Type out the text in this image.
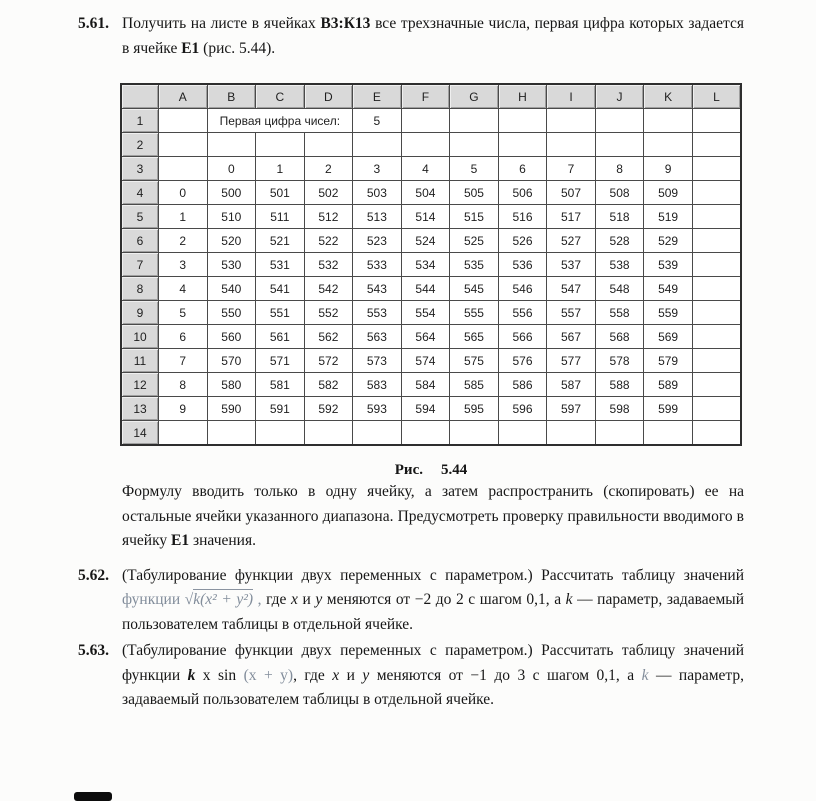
5.61. Получить на листе в ячейках В3:К13 все трехзначные числа, первая цифра которых задается в ячейке Е1 (рис. 5.44).
	A	B	C	D	E	F	G	H	I	J	K	L
1		Первая цифра чисел:			5							
2												
3		0	1	2	3	4	5	6	7	8	9	
4	0	500	501	502	503	504	505	506	507	508	509	
5	1	510	511	512	513	514	515	516	517	518	519	
6	2	520	521	522	523	524	525	526	527	528	529	
7	3	530	531	532	533	534	535	536	537	538	539	
8	4	540	541	542	543	544	545	546	547	548	549	
9	5	550	551	552	553	554	555	556	557	558	559	
10	6	560	561	562	563	564	565	566	567	568	569	
11	7	570	571	572	573	574	575	576	577	578	579	
12	8	580	581	582	583	584	585	586	587	588	589	
13	9	590	591	592	593	594	595	596	597	598	599	
14												
Рис. 5.44
Формулу вводить только в одну ячейку, а затем распространить (скопировать) ее на остальные ячейки указанного диапазона. Предусмотреть проверку правильности вводимого в ячейку Е1 значения.
5.62. (Табулирование функции двух переменных с параметром.) Рассчитать таблицу значений функции √k(x² + y²) , где x и y меняются от −2 до 2 с шагом 0,1, а k — параметр, задаваемый пользователем таблицы в отдельной ячейке.
5.63. (Табулирование функции двух переменных с параметром.) Рассчитать таблицу значений функции k x sin (x + y), где x и y меняются от −1 до 3 с шагом 0,1, а k — параметр, задаваемый пользователем таблицы в отдельной ячейке.
